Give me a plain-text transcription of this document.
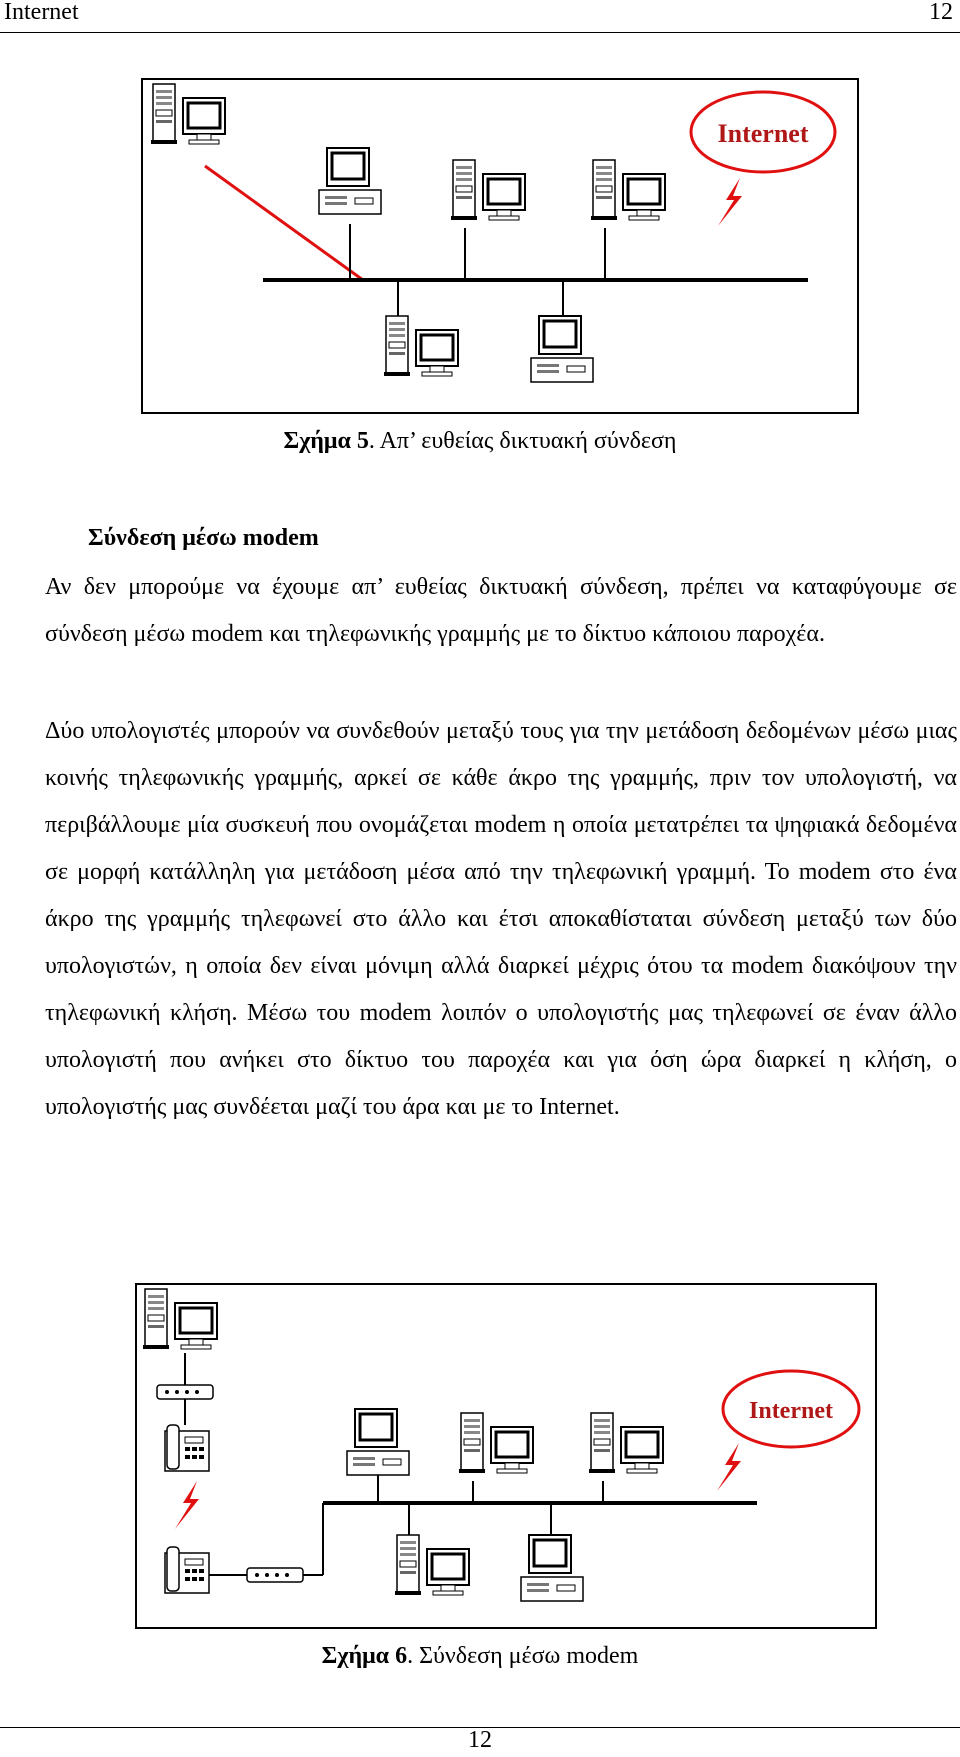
Internet	12
Internet
Σχήμα 5. Απ’ ευθείας δικτυακή σύνδεση
Σύνδεση μέσω modem

Αν δεν μπορούμε να έχουμε απ’ ευθείας δικτυακή σύνδεση, πρέπει να καταφύγουμε σε σύνδεση μέσω modem και τηλεφωνικής γραμμής με το δίκτυο κάποιου παροχέα.

Δύο υπολογιστές μπορούν να συνδεθούν μεταξύ τους για την μετάδοση δεδομένων μέσω μιας κοινής τηλεφωνικής γραμμής, αρκεί σε κάθε άκρο της γραμμής, πριν τον υπολογιστή, να περιβάλλουμε μία συσκευή που ονομάζεται modem η οποία μετατρέπει τα ψηφιακά δεδομένα σε μορφή κατάλληλη για μετάδοση μέσα από την τηλεφωνική γραμμή. Το modem στο ένα άκρο της γραμμής τηλεφωνεί στο άλλο και έτσι αποκαθίσταται σύνδεση μεταξύ των δύο υπολογιστών, η οποία δεν είναι μόνιμη αλλά διαρκεί μέχρις ότου τα modem διακόψουν την τηλεφωνική κλήση. Μέσω του modem λοιπόν ο υπολογιστής μας τηλεφωνεί σε έναν άλλο υπολογιστή που ανήκει στο δίκτυο του παροχέα και για όση ώρα διαρκεί η κλήση, ο υπολογιστής μας συνδέεται μαζί του άρα και με το Internet.

Internet
Σχήμα 6. Σύνδεση μέσω modem
12
